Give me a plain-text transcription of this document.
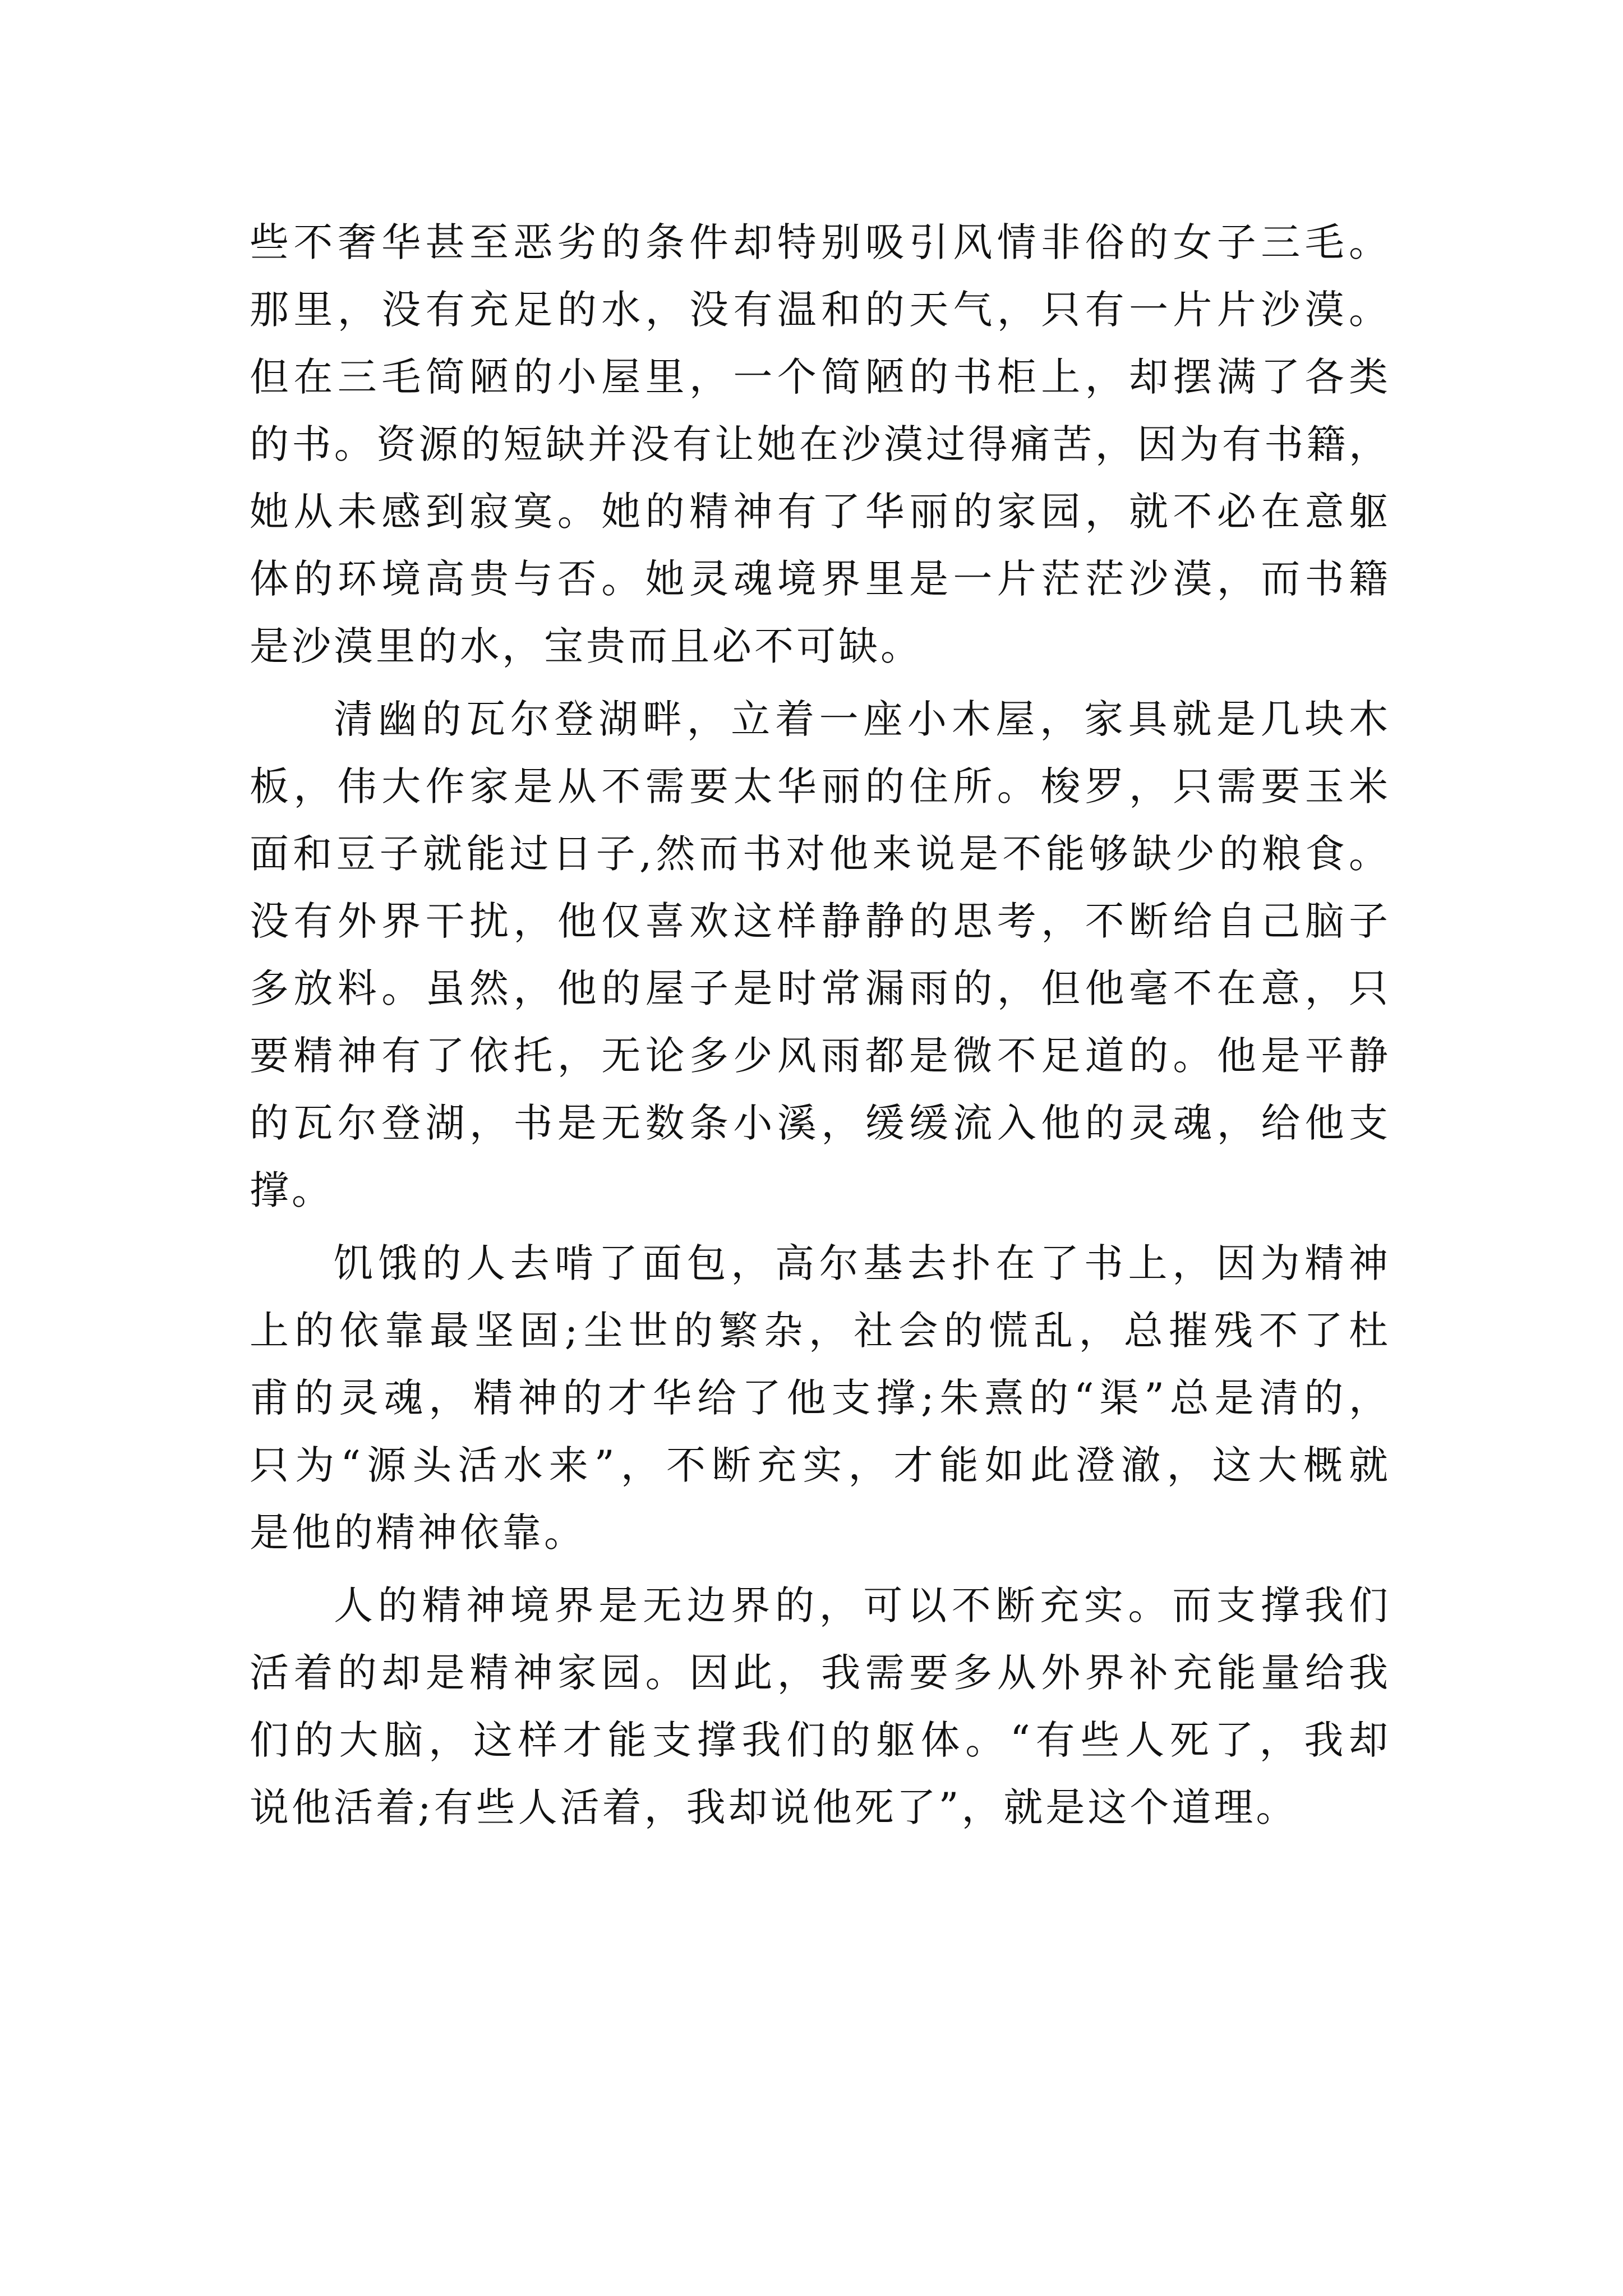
些不奢华甚至恶劣的条件却特别吸引风情非俗的女子三毛。
那里，没有充足的水，没有温和的天气，只有一片片沙漠。
但在三毛简陋的小屋里，一个简陋的书柜上，却摆满了各类
的书。资源的短缺并没有让她在沙漠过得痛苦，因为有书籍，
她从未感到寂寞。她的精神有了华丽的家园，就不必在意躯
体的环境高贵与否。她灵魂境界里是一片茫茫沙漠，而书籍
是沙漠里的水，宝贵而且必不可缺。
清幽的瓦尔登湖畔，立着一座小木屋，家具就是几块木
板，伟大作家是从不需要太华丽的住所。梭罗，只需要玉米
面和豆子就能过日子,然而书对他来说是不能够缺少的粮食。
没有外界干扰，他仅喜欢这样静静的思考，不断给自己脑子
多放料。虽然，他的屋子是时常漏雨的，但他毫不在意，只
要精神有了依托，无论多少风雨都是微不足道的。他是平静
的瓦尔登湖，书是无数条小溪，缓缓流入他的灵魂，给他支
撑。
饥饿的人去啃了面包，高尔基去扑在了书上，因为精神
上的依靠最坚固;尘世的繁杂，社会的慌乱，总摧残不了杜
甫的灵魂，精神的才华给了他支撑;朱熹的“渠”总是清的，
只为“源头活水来”，不断充实，才能如此澄澈，这大概就
是他的精神依靠。
人的精神境界是无边界的，可以不断充实。而支撑我们
活着的却是精神家园。因此，我需要多从外界补充能量给我
们的大脑，这样才能支撑我们的躯体。“有些人死了，我却
说他活着;有些人活着，我却说他死了”，就是这个道理。
